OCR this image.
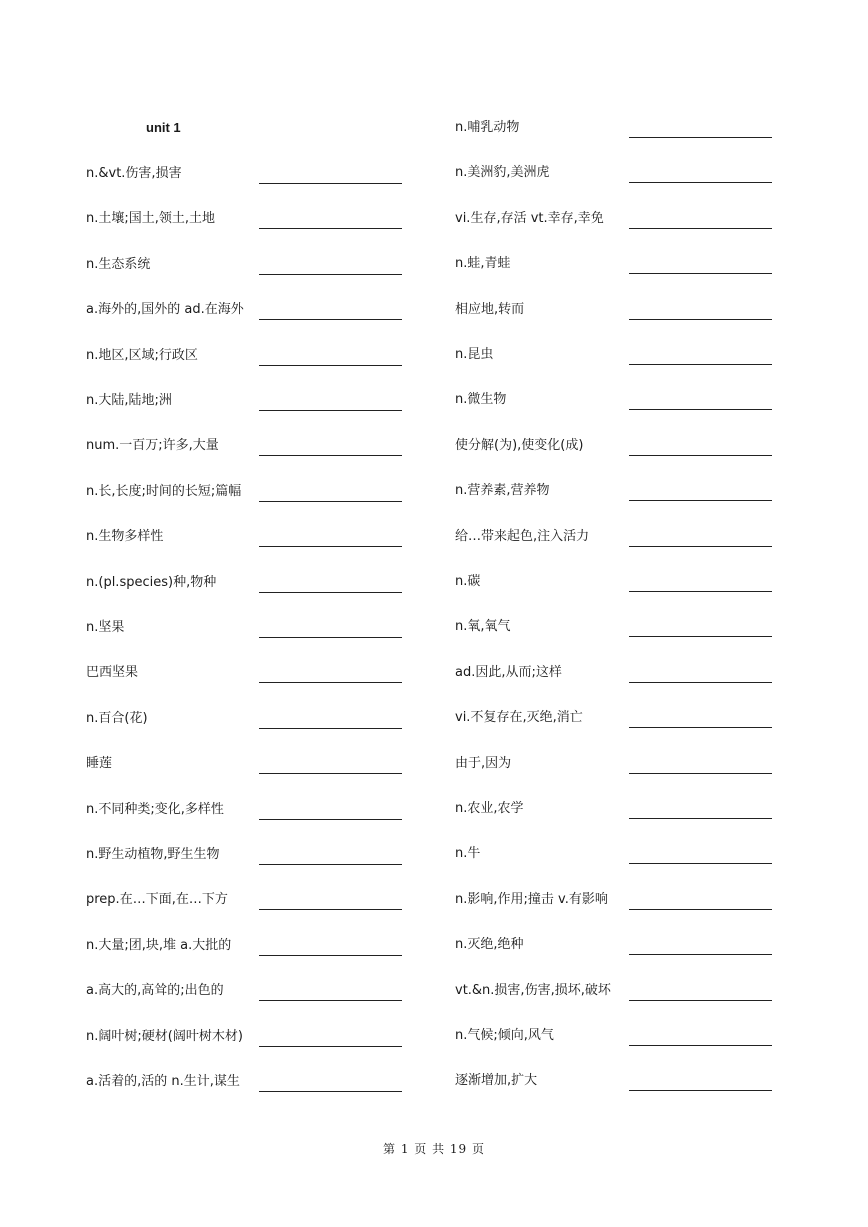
unit 1
n.&vt.伤害,损害
n.土壤;国土,领土,土地
n.生态系统
a.海外的,国外的 ad.在海外
n.地区,区域;行政区
n.大陆,陆地;洲
num.一百万;许多,大量
n.长,长度;时间的长短;篇幅
n.生物多样性
n.(pl.species)种,物种
n.坚果
巴西坚果
n.百合(花)
睡莲
n.不同种类;变化,多样性
n.野生动植物,野生生物
prep.在…下面,在…下方
n.大量;团,块,堆 a.大批的
a.高大的,高耸的;出色的
n.阔叶树;硬材(阔叶树木材)
a.活着的,活的 n.生计,谋生
n.哺乳动物
n.美洲豹,美洲虎
vi.生存,存活 vt.幸存,幸免
n.蛙,青蛙
相应地,转而
n.昆虫
n.微生物
使分解(为),使变化(成)
n.营养素,营养物
给…带来起色,注入活力
n.碳
n.氧,氧气
ad.因此,从而;这样
vi.不复存在,灭绝,消亡
由于,因为
n.农业,农学
n.牛
n.影响,作用;撞击 v.有影响
n.灭绝,绝种
vt.&n.损害,伤害,损坏,破坏
n.气候;倾向,风气
逐渐增加,扩大
第 1 页 共 19 页
